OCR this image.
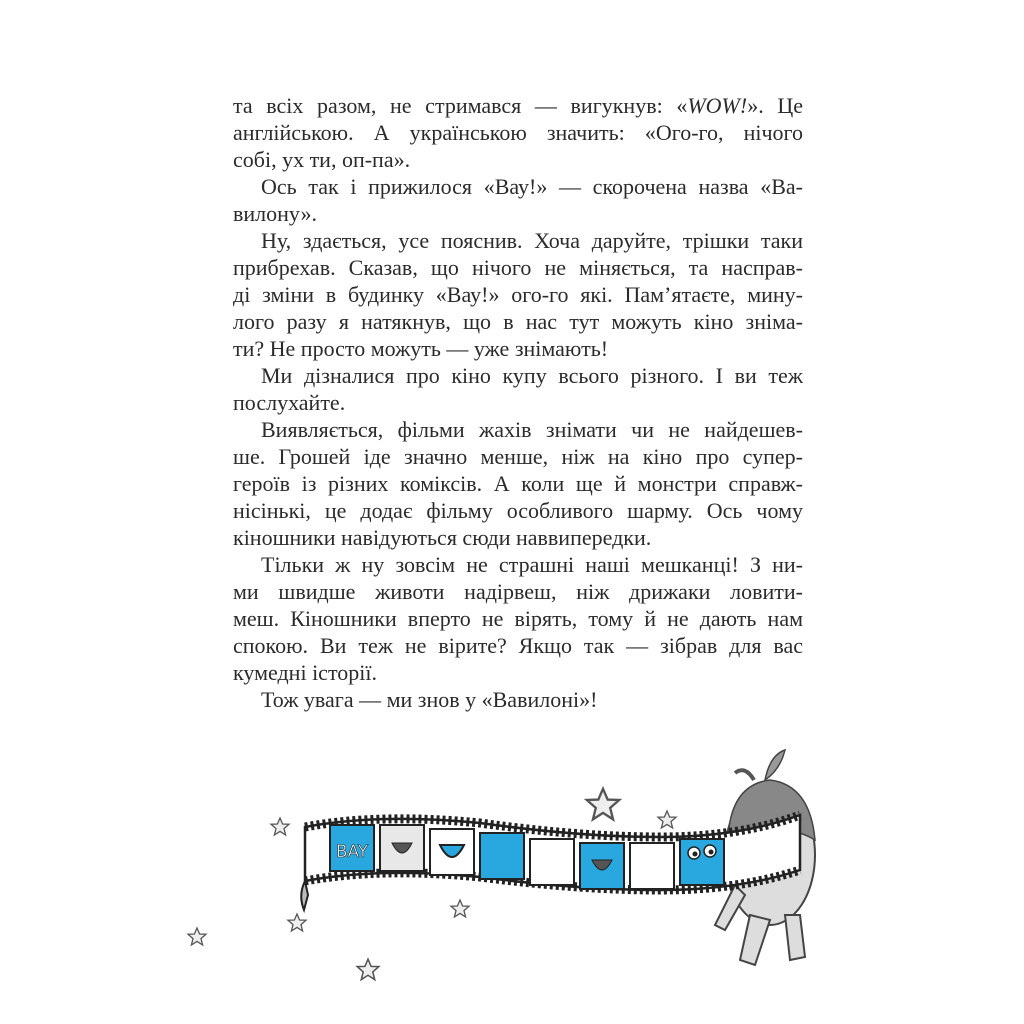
та всіх разом, не стримався — вигукнув: «WOW!». Це
англійською. А українською значить: «Ого-го, нічого
собі, ух ти, оп-па».
Ось так і прижилося «Вау!» — скорочена назва «Ва-
вилону».
Ну, здається, усе пояснив. Хоча даруйте, трішки таки
прибрехав. Сказав, що нічого не міняється, та насправ-
ді зміни в будинку «Вау!» ого-го які. Пам’ятаєте, мину-
лого разу я натякнув, що в нас тут можуть кіно зніма-
ти? Не просто можуть — уже знімають!
Ми дізналися про кіно купу всього різного. І ви теж
послухайте.
Виявляється, фільми жахів знімати чи не найдешев-
ше. Грошей іде значно менше, ніж на кіно про супер-
героїв із різних коміксів. А коли ще й монстри справж-
нісінькі, це додає фільму особливого шарму. Ось чому
кіношники навідуються сюди наввипередки.
Тільки ж ну зовсім не страшні наші мешканці! З ни-
ми швидше животи надірвеш, ніж дрижаки ловити-
меш. Кіношники вперто не вірять, тому й не дають нам
спокою. Ви теж не вірите? Якщо так — зібрав для вас
кумедні історії.
Тож увага — ми знов у «Вавилоні»!
BAY
